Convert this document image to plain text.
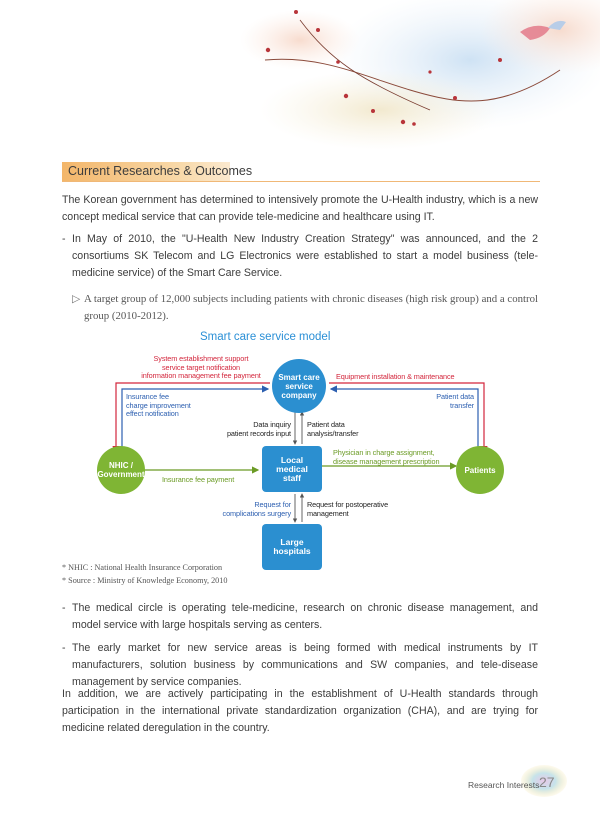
Current Researches & Outcomes
The Korean government has determined to intensively promote the U-Health industry, which is a new concept medical service that can provide tele-medicine and healthcare using IT.
- In May of 2010, the "U-Health New Industry Creation Strategy" was announced, and the 2 consortiums SK Telecom and LG Electronics were established to start a model business (tele-medicine service) of the Smart Care Service.
▷ A target group of 12,000 subjects including patients with chronic diseases (high risk group) and a control group (2010-2012).
Smart care service model
Smart care
service
company
Local
medical
staff
Large
hospitals
NHIC /
Government	Patients
System establishment support
service target notification
information management fee payment	Equipment installation & maintenance
Insurance fee
charge improvement
effect notification
Patient data
transfer
Data inquiry
patient records input
Patient data
analysis/transfer
Physician in charge assignment,
disease management prescription
Insurance fee payment
Request for
complications surgery
Request for postoperative
management
* NHIC : National Health Insurance Corporation
* Source : Ministry of Knowledge Economy, 2010
- The medical circle is operating tele-medicine, research on chronic disease management, and model service with large hospitals serving as centers.
- The early market for new service areas is being formed with medical instruments by IT manufacturers, solution business by communications and SW companies, and tele-disease management by service companies.
In addition, we are actively participating in the establishment of U-Health standards through participation in the international private standardization organization (CHA), and are trying for medicine related deregulation in the country.
Research Interests 27
